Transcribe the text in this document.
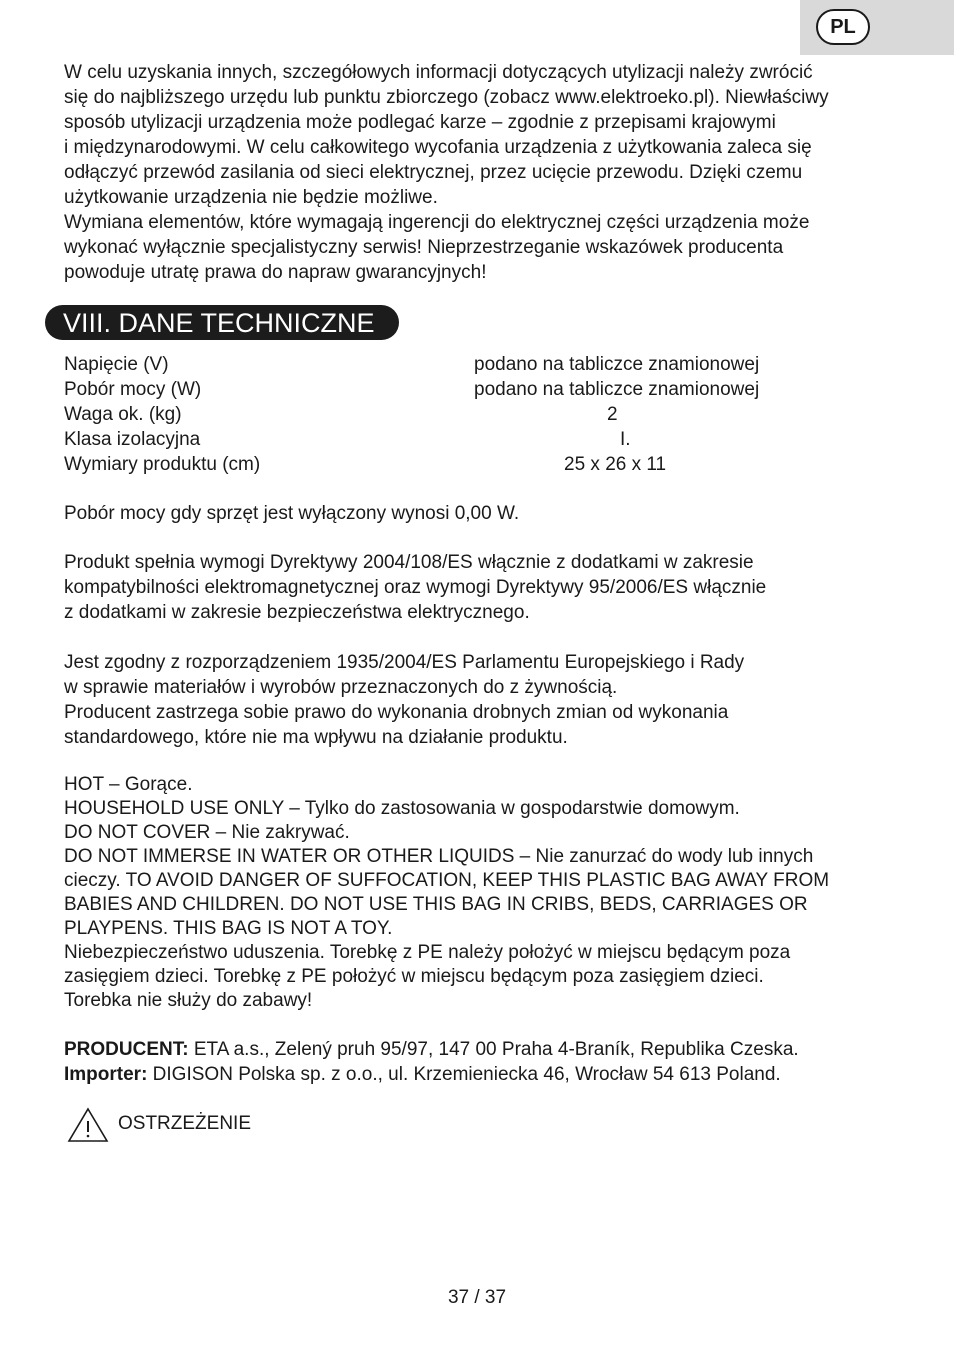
PL

W celu uzyskania innych, szczegółowych informacji dotyczących utylizacji należy zwrócić
się do najbliższego urzędu lub punktu zbiorczego (zobacz www.elektroeko.pl). Niewłaściwy
sposób utylizacji urządzenia może podlegać karze – zgodnie z przepisami krajowymi
i międzynarodowymi. W celu całkowitego wycofania urządzenia z użytkowania zaleca się
odłączyć przewód zasilania od sieci elektrycznej, przez ucięcie przewodu. Dzięki czemu
użytkowanie urządzenia nie będzie możliwe.
Wymiana elementów, które wymagają ingerencji do elektrycznej części urządzenia może
wykonać wyłącznie specjalistyczny serwis! Nieprzestrzeganie wskazówek producenta
powoduje utratę prawa do napraw gwarancyjnych!

VIII. DANE TECHNICZNE
Napięcie (V)	podano na tabliczce znamionowej
Pobór mocy (W)	podano na tabliczce znamionowej
Waga ok. (kg)	2
Klasa izolacyjna	I.
Wymiary produktu (cm)	25 x 26 x 11

Pobór mocy gdy sprzęt jest wyłączony wynosi 0,00 W.

Produkt spełnia wymogi Dyrektywy 2004/108/ES włącznie z dodatkami w zakresie
kompatybilności elektromagnetycznej oraz wymogi Dyrektywy 95/2006/ES włącznie
z dodatkami w zakresie bezpieczeństwa elektrycznego.

Jest zgodny z rozporządzeniem 1935/2004/ES Parlamentu Europejskiego i Rady
w sprawie materiałów i wyrobów przeznaczonych do z żywnością.
Producent zastrzega sobie prawo do wykonania drobnych zmian od wykonania
standardowego, które nie ma wpływu na działanie produktu.

HOT – Gorące.
HOUSEHOLD USE ONLY – Tylko do zastosowania w gospodarstwie domowym.
DO NOT COVER – Nie zakrywać.
DO NOT IMMERSE IN WATER OR OTHER LIQUIDS – Nie zanurzać do wody lub innych
cieczy. TO AVOID DANGER OF SUFFOCATION, KEEP THIS PLASTIC BAG AWAY FROM
BABIES AND CHILDREN. DO NOT USE THIS BAG IN CRIBS, BEDS, CARRIAGES OR
PLAYPENS. THIS BAG IS NOT A TOY.
Niebezpieczeństwo uduszenia. Torebkę z PE należy położyć w miejscu będącym poza
zasięgiem dzieci. Torebkę z PE położyć w miejscu będącym poza zasięgiem dzieci.
Torebka nie służy do zabawy!

PRODUCENT: ETA a.s., Zelený pruh 95/97, 147 00 Praha 4-Braník, Republika Czeska.

Importer: DIGISON Polska sp. z o.o., ul. Krzemieniecka 46, Wrocław 54 613 Poland.

OSTRZEŻENIE
37 / 37
